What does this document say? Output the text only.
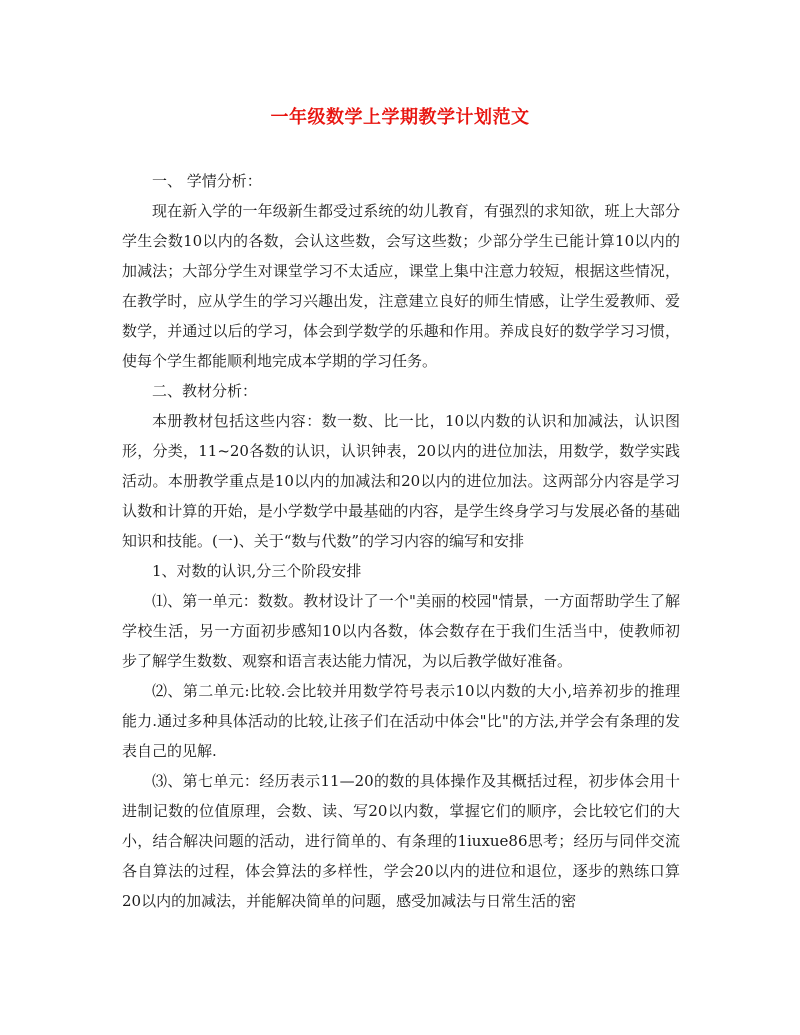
一年级数学上学期教学计划范文

一、 学情分析：

现在新入学的一年级新生都受过系统的幼儿教育，有强烈的求知欲，班上大部分学生会数10以内的各数，会认这些数，会写这些数；少部分学生已能计算10以内的加减法；大部分学生对课堂学习不太适应，课堂上集中注意力较短，根据这些情况，在教学时，应从学生的学习兴趣出发，注意建立良好的师生情感，让学生爱教师、爱数学，并通过以后的学习，体会到学数学的乐趣和作用。养成良好的数学学习习惯，使每个学生都能顺利地完成本学期的学习任务。

二、教材分析：

本册教材包括这些内容：数一数、比一比，10以内数的认识和加减法，认识图形，分类，11~20各数的认识，认识钟表，20以内的进位加法，用数学，数学实践活动。本册教学重点是10以内的加减法和20以内的进位加法。这两部分内容是学习认数和计算的开始，是小学数学中最基础的内容，是学生终身学习与发展必备的基础知识和技能。(一)、关于“数与代数”的学习内容的编写和安排

1、对数的认识,分三个阶段安排

⑴、第一单元：数数。教材设计了一个"美丽的校园"情景，一方面帮助学生了解学校生活，另一方面初步感知10以内各数，体会数存在于我们生活当中，使教师初步了解学生数数、观察和语言表达能力情况，为以后教学做好准备。

⑵、第二单元:比较.会比较并用数学符号表示10以内数的大小,培养初步的推理能力.通过多种具体活动的比较,让孩子们在活动中体会"比"的方法,并学会有条理的发表自己的见解.

⑶、第七单元：经历表示11—20的数的具体操作及其概括过程，初步体会用十进制记数的位值原理，会数、读、写20以内数，掌握它们的顺序，会比较它们的大小，结合解决问题的活动，进行简单的、有条理的1iuxue86思考；经历与同伴交流各自算法的过程，体会算法的多样性，学会20以内的进位和退位，逐步的熟练口算20以内的加减法，并能解决简单的问题，感受加减法与日常生活的密
